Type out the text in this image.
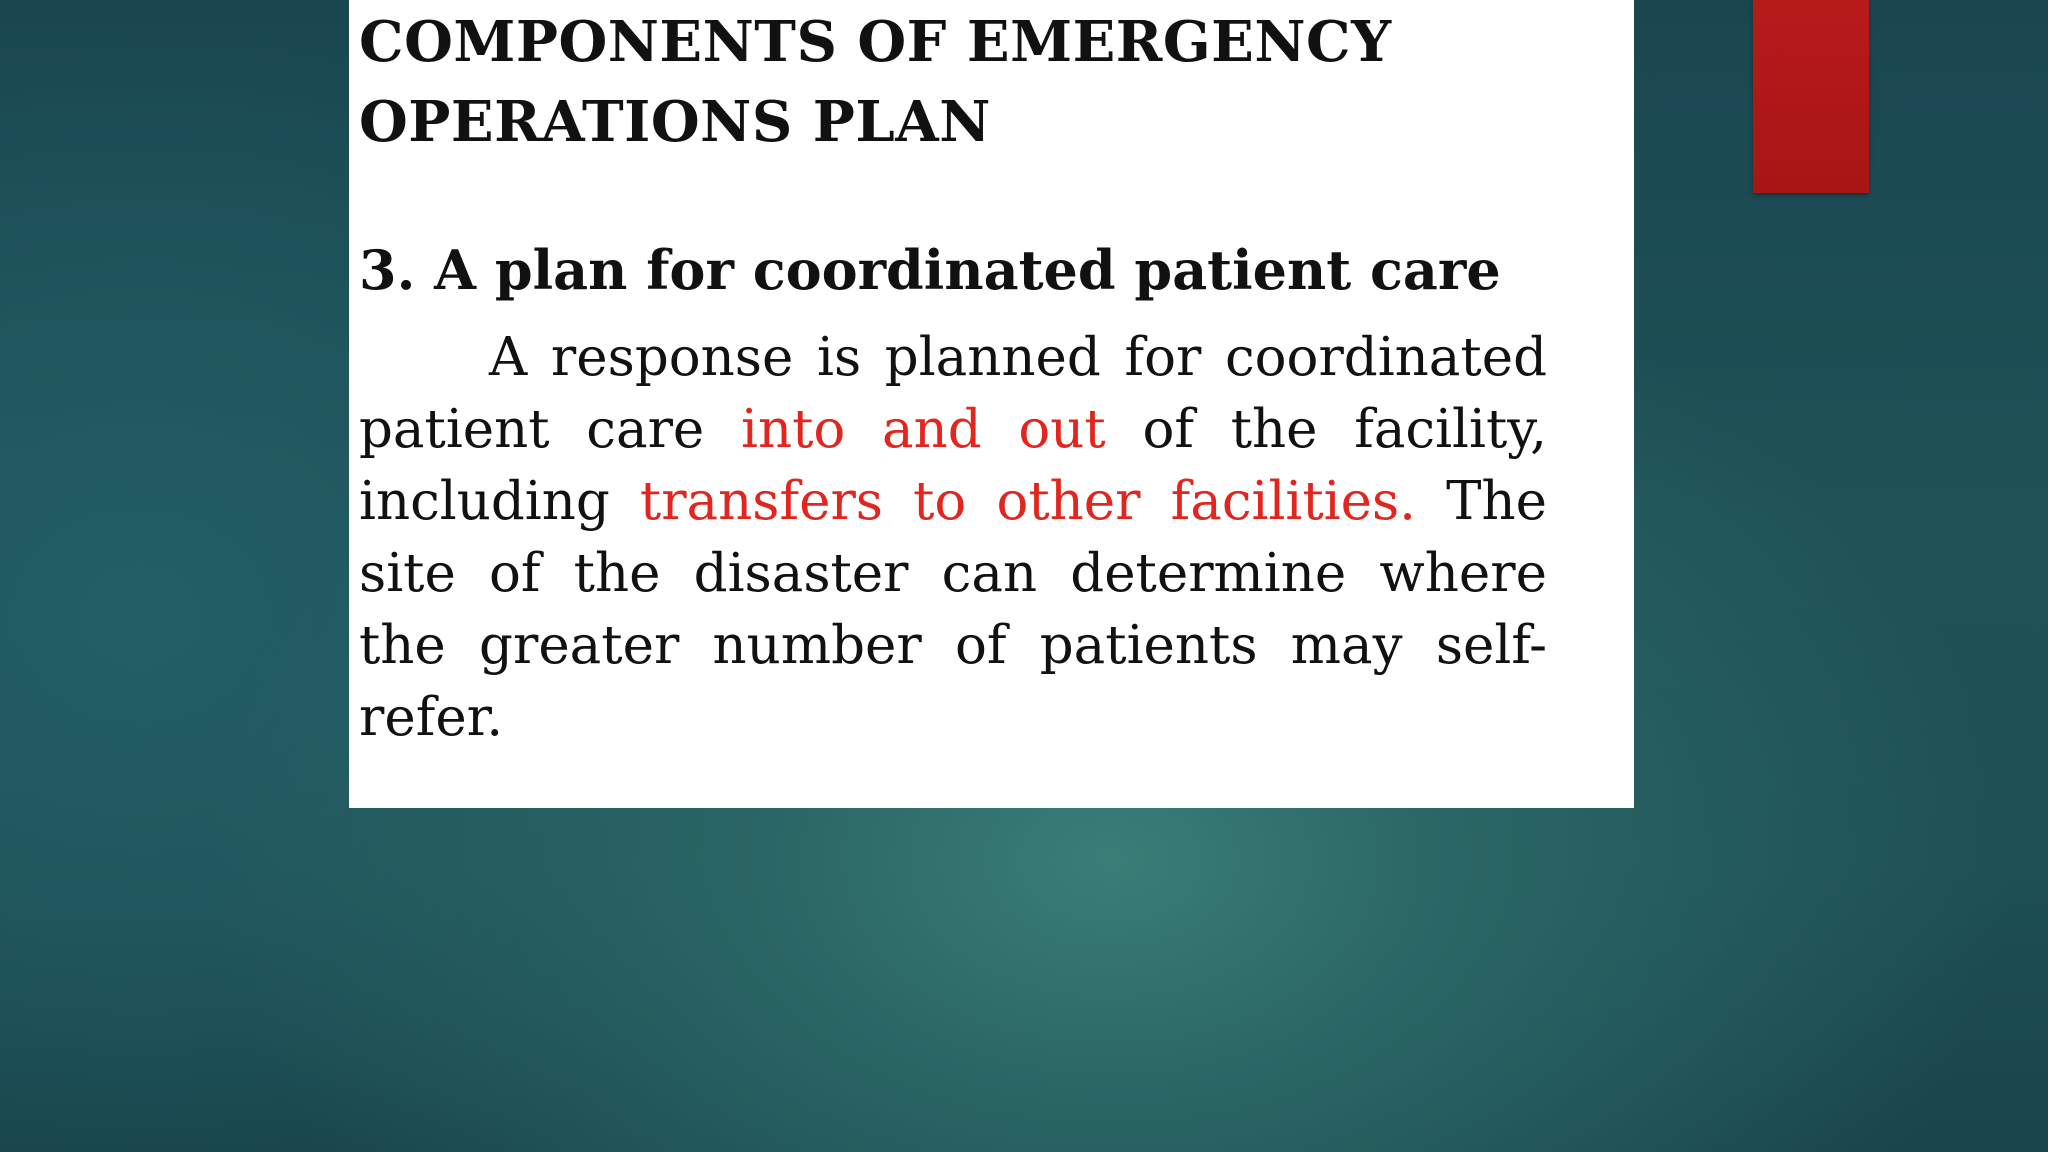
COMPONENTS OF EMERGENCY
OPERATIONS PLAN
3. A plan for coordinated patient care

A response is planned for coordinated patient care into and out of the facility, including transfers to other facilities. The site of the disaster can determine where the greater number of patients may self-refer.
